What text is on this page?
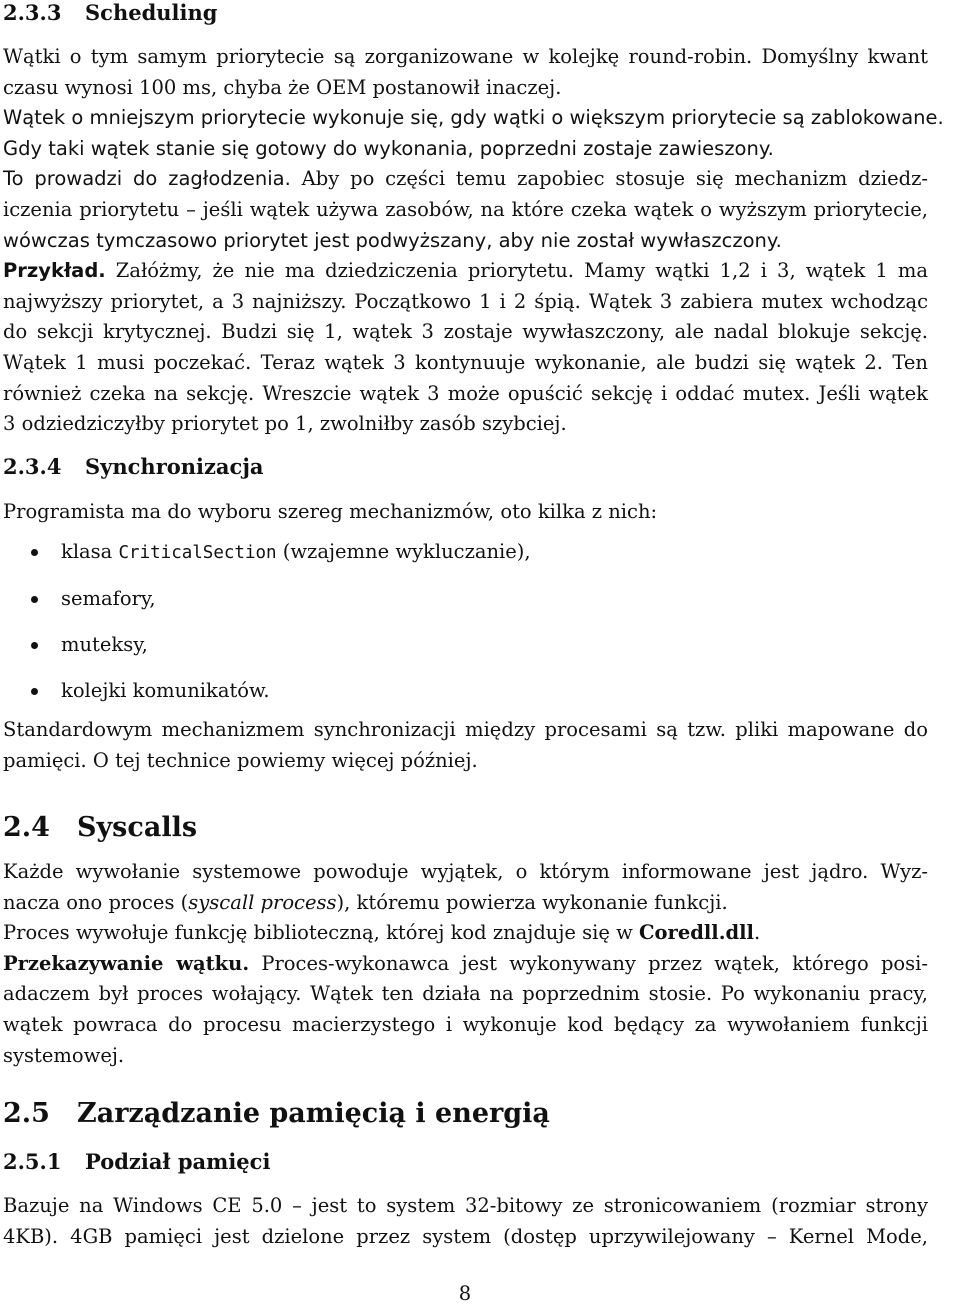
2.3.3 Scheduling
Wątki o tym samym priorytecie są zorganizowane w kolejkę round-robin. Domyślny kwant
czasu wynosi 100 ms, chyba że OEM postanowił inaczej.
Wątek o mniejszym priorytecie wykonuje się, gdy wątki o większym priorytecie są zablokowane.
Gdy taki wątek stanie się gotowy do wykonania, poprzedni zostaje zawieszony.
To prowadzi do zagłodzenia. Aby po części temu zapobiec stosuje się mechanizm dziedz-
iczenia priorytetu – jeśli wątek używa zasobów, na które czeka wątek o wyższym priorytecie,
wówczas tymczasowo priorytet jest podwyższany, aby nie został wywłaszczony.
Przykład. Załóżmy, że nie ma dziedziczenia priorytetu. Mamy wątki 1,2 i 3, wątek 1 ma
najwyższy priorytet, a 3 najniższy. Początkowo 1 i 2 śpią. Wątek 3 zabiera mutex wchodząc
do sekcji krytycznej. Budzi się 1, wątek 3 zostaje wywłaszczony, ale nadal blokuje sekcję.
Wątek 1 musi poczekać. Teraz wątek 3 kontynuuje wykonanie, ale budzi się wątek 2. Ten
również czeka na sekcję. Wreszcie wątek 3 może opuścić sekcję i oddać mutex. Jeśli wątek
3 odziedziczyłby priorytet po 1, zwolniłby zasób szybciej.
2.3.4 Synchronizacja
Programista ma do wyboru szereg mechanizmów, oto kilka z nich:
klasa CriticalSection (wzajemne wykluczanie),
semafory,
muteksy,
kolejki komunikatów.
Standardowym mechanizmem synchronizacji między procesami są tzw. pliki mapowane do
pamięci. O tej technice powiemy więcej później.
2.4 Syscalls
Każde wywołanie systemowe powoduje wyjątek, o którym informowane jest jądro. Wyz-
nacza ono proces (syscall process), któremu powierza wykonanie funkcji.
Proces wywołuje funkcję biblioteczną, której kod znajduje się w Coredll.dll.
Przekazywanie wątku. Proces-wykonawca jest wykonywany przez wątek, którego posi-
adaczem był proces wołający. Wątek ten działa na poprzednim stosie. Po wykonaniu pracy,
wątek powraca do procesu macierzystego i wykonuje kod będący za wywołaniem funkcji
systemowej.
2.5 Zarządzanie pamięcią i energią
2.5.1 Podział pamięci
Bazuje na Windows CE 5.0 – jest to system 32-bitowy ze stronicowaniem (rozmiar strony
4KB). 4GB pamięci jest dzielone przez system (dostęp uprzywilejowany – Kernel Mode,
8
